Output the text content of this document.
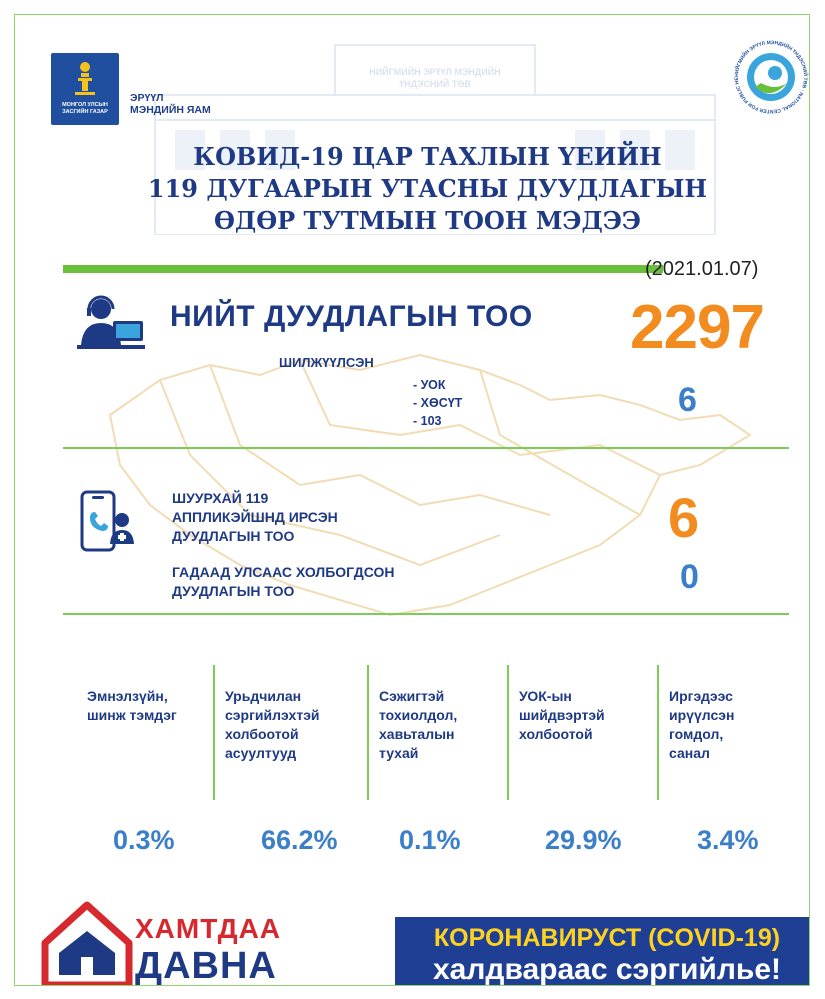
НИЙГМИЙН ЭРҮҮЛ МЭНДИЙН
ҮНДЭСНИЙ ТӨВ
МОНГОЛ УЛСЫН ЗАСГИЙН ГАЗАР
ЭРҮҮЛ
МЭНДИЙН ЯАМ
НИЙГМИЙН ЭРҮҮЛ МЭНДИЙН ҮНДЭСНИЙ ТӨВ · NATIONAL CENTER FOR PUBLIC HE
КОВИД-19 ЦАР ТАХЛЫН ҮЕИЙН
119 ДУГААРЫН УТАСНЫ ДУУДЛАГЫН
ӨДӨР ТУТМЫН ТООН МЭДЭЭ
(2021.01.07)
НИЙТ ДУУДЛАГЫН ТОО 2297
ШИЛЖҮҮЛСЭН
- УОК
- ХӨСҮТ
- 103
6
ШУУРХАЙ 119
АППЛИКЭЙШНД ИРСЭН
ДУУДЛАГЫН ТОО	6
ГАДААД УЛСААС ХОЛБОГДСОН
ДУУДЛАГЫН ТОО	0
Эмнэлзүйн,
шинж тэмдэг
0.3%
Урьдчилан
сэргийлэхтэй
холбоотой
асуултууд
66.2%
Сэжигтэй
тохиолдол,
хавьталын
тухай
0.1%
УОК-ын
шийдвэртэй
холбоотой
29.9%
Иргэдээс
ирүүлсэн
гомдол,
санал
3.4%
ХАМТДАА
ДАВНА
КОРОНАВИРУСТ (COVID-19)
халдвараас сэргийлье!
